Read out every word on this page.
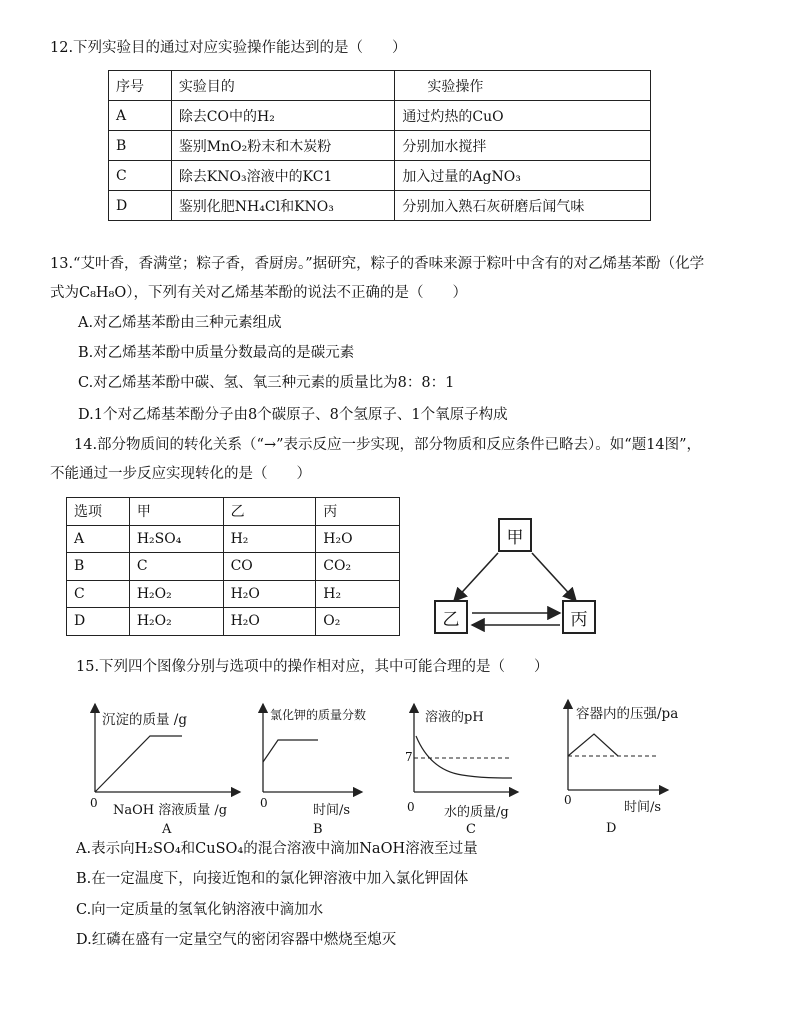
12.下列实验目的通过对应实验操作能达到的是（　　）
序号	实验目的	实验操作
A	除去CO中的H₂	通过灼热的CuO
B	鉴别MnO₂粉末和木炭粉	分别加水搅拌
C	除去KNO₃溶液中的KC1	加入过量的AgNO₃
D	鉴别化肥NH₄Cl和KNO₃	分别加入熟石灰研磨后闻气味
13.“艾叶香，香满堂；粽子香，香厨房。”据研究，粽子的香味来源于粽叶中含有的对乙烯基苯酚（化学
式为C₈H₈O），下列有关对乙烯基苯酚的说法不正确的是（　　）
A.对乙烯基苯酚由三种元素组成
B.对乙烯基苯酚中质量分数最高的是碳元素
C.对乙烯基苯酚中碳、氢、氧三种元素的质量比为8：8：1
D.1个对乙烯基苯酚分子由8个碳原子、8个氢原子、1个氧原子构成
14.部分物质间的转化关系（“→”表示反应一步实现，部分物质和反应条件已略去）。如“题14图”，
不能通过一步反应实现转化的是（　　）
选项	甲	乙	丙
A	H₂SO₄	H₂	H₂O
B	C	CO	CO₂
C	H₂O₂	H₂O	H₂
D	H₂O₂	H₂O	O₂
甲
乙	丙
15.下列四个图像分别与选项中的操作相对应，其中可能合理的是（　　）
沉淀的质量 /g
0 NaOH 溶液质量 /g
A
氯化钾的质量分数
0	时间/s
B
溶液的pH
7
0 水的质量/g
C
容器内的压强/pa
0	时间/s
D
A.表示向H₂SO₄和CuSO₄的混合溶液中滴加NaOH溶液至过量
B.在一定温度下，向接近饱和的氯化钾溶液中加入氯化钾固体
C.向一定质量的氢氧化钠溶液中滴加水
D.红磷在盛有一定量空气的密闭容器中燃烧至熄灭
